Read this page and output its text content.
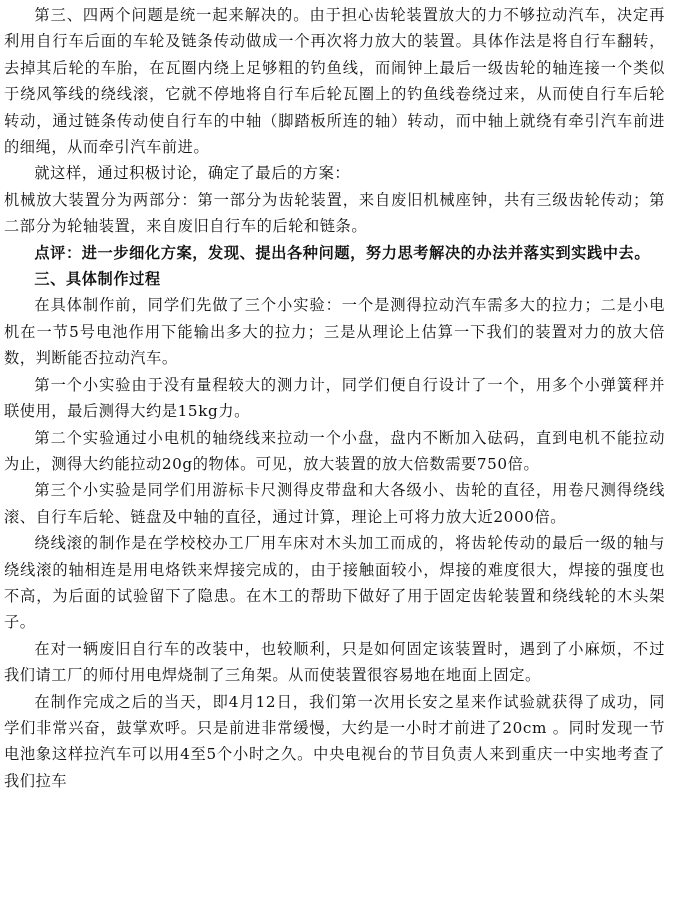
第三、四两个问题是统一起来解决的。由于担心齿轮装置放大的力不够拉动汽车，决定再利用自行车后面的车轮及链条传动做成一个再次将力放大的装置。具体作法是将自行车翻转，去掉其后轮的车胎，在瓦圈内绕上足够粗的钓鱼线，而闹钟上最后一级齿轮的轴连接一个类似于绕风筝线的绕线滚，它就不停地将自行车后轮瓦圈上的钓鱼线卷绕过来，从而使自行车后轮转动，通过链条传动使自行车的中轴（脚踏板所连的轴）转动，而中轴上就绕有牵引汽车前进的细绳，从而牵引汽车前进。

就这样，通过积极讨论，确定了最后的方案：

机械放大装置分为两部分：第一部分为齿轮装置，来自废旧机械座钟，共有三级齿轮传动；第二部分为轮轴装置，来自废旧自行车的后轮和链条。

点评：进一步细化方案，发现、提出各种问题，努力思考解决的办法并落实到实践中去。

三、具体制作过程

在具体制作前，同学们先做了三个小实验：一个是测得拉动汽车需多大的拉力；二是小电机在一节5号电池作用下能输出多大的拉力；三是从理论上估算一下我们的装置对力的放大倍数，判断能否拉动汽车。

第一个小实验由于没有量程较大的测力计，同学们便自行设计了一个，用多个小弹簧秤并联使用，最后测得大约是15kg力。

第二个实验通过小电机的轴绕线来拉动一个小盘，盘内不断加入砝码，直到电机不能拉动为止，测得大约能拉动20g的物体。可见，放大装置的放大倍数需要750倍。

第三个小实验是同学们用游标卡尺测得皮带盘和大各级小、齿轮的直径，用卷尺测得绕线滚、自行车后轮、链盘及中轴的直径，通过计算，理论上可将力放大近2000倍。

绕线滚的制作是在学校校办工厂用车床对木头加工而成的，将齿轮传动的最后一级的轴与绕线滚的轴相连是用电烙铁来焊接完成的，由于接触面较小，焊接的难度很大，焊接的强度也不高，为后面的试验留下了隐患。在木工的帮助下做好了用于固定齿轮装置和绕线轮的木头架子。

在对一辆废旧自行车的改装中，也较顺利，只是如何固定该装置时，遇到了小麻烦，不过我们请工厂的师付用电焊烧制了三角架。从而使装置很容易地在地面上固定。

在制作完成之后的当天，即4月12日，我们第一次用长安之星来作试验就获得了成功，同学们非常兴奋，鼓掌欢呼。只是前进非常缓慢，大约是一小时才前进了20cm 。同时发现一节电池象这样拉汽车可以用4至5个小时之久。中央电视台的节目负责人来到重庆一中实地考查了我们拉车
